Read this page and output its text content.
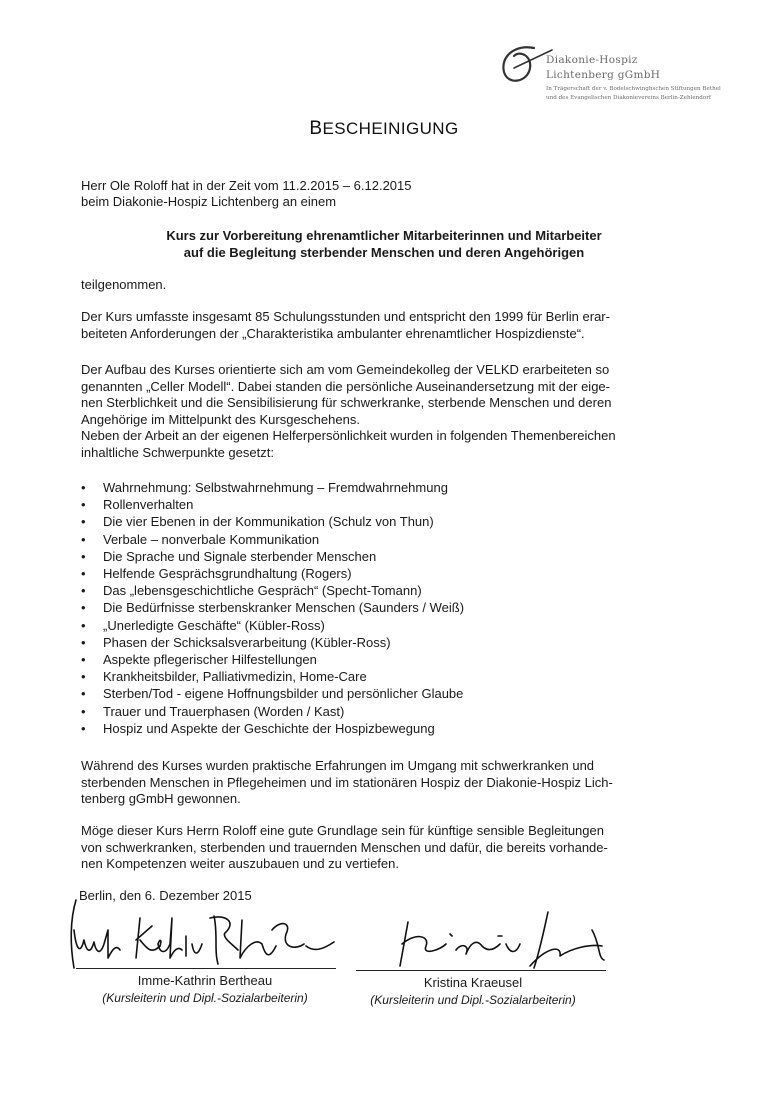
Diakonie-Hospiz
Lichtenberg gGmbH
In Trägerschaft der v. Bodelschwinghschen Stiftungen Bethel
und des Evangelischen Diakonievereins Berlin-Zehlendorf
BESCHEINIGUNG
Herr Ole Roloff hat in der Zeit vom 11.2.2015 – 6.12.2015
beim Diakonie-Hospiz Lichtenberg an einem
Kurs zur Vorbereitung ehrenamtlicher Mitarbeiterinnen und Mitarbeiter
auf die Begleitung sterbender Menschen und deren Angehörigen
teilgenommen.
Der Kurs umfasste insgesamt 85 Schulungsstunden und entspricht den 1999 für Berlin erar-
beiteten Anforderungen der „Charakteristika ambulanter ehrenamtlicher Hospizdienste“.
Der Aufbau des Kurses orientierte sich am vom Gemeindekolleg der VELKD erarbeiteten so
genannten „Celler Modell“. Dabei standen die persönliche Auseinandersetzung mit der eige-
nen Sterblichkeit und die Sensibilisierung für schwerkranke, sterbende Menschen und deren
Angehörige im Mittelpunkt des Kursgeschehens.
Neben der Arbeit an der eigenen Helferpersönlichkeit wurden in folgenden Themenbereichen
inhaltliche Schwerpunkte gesetzt:
• Wahrnehmung: Selbstwahrnehmung – Fremdwahrnehmung
• Rollenverhalten
• Die vier Ebenen in der Kommunikation (Schulz von Thun)
• Verbale – nonverbale Kommunikation
• Die Sprache und Signale sterbender Menschen
• Helfende Gesprächsgrundhaltung (Rogers)
• Das „lebensgeschichtliche Gespräch“ (Specht-Tomann)
• Die Bedürfnisse sterbenskranker Menschen (Saunders / Weiß)
• „Unerledigte Geschäfte“ (Kübler-Ross)
• Phasen der Schicksalsverarbeitung (Kübler-Ross)
• Aspekte pflegerischer Hilfestellungen
• Krankheitsbilder, Palliativmedizin, Home-Care
• Sterben/Tod - eigene Hoffnungsbilder und persönlicher Glaube
• Trauer und Trauerphasen (Worden / Kast)
• Hospiz und Aspekte der Geschichte der Hospizbewegung
Während des Kurses wurden praktische Erfahrungen im Umgang mit schwerkranken und
sterbenden Menschen in Pflegeheimen und im stationären Hospiz der Diakonie-Hospiz Lich-
tenberg gGmbH gewonnen.
Möge dieser Kurs Herrn Roloff eine gute Grundlage sein für künftige sensible Begleitungen
von schwerkranken, sterbenden und trauernden Menschen und dafür, die bereits vorhande-
nen Kompetenzen weiter auszubauen und zu vertiefen.
Berlin, den 6. Dezember 2015
Imme-Kathrin Bertheau
(Kursleiterin und Dipl.-Sozialarbeiterin)
Kristina Kraeusel
(Kursleiterin und Dipl.-Sozialarbeiterin)
